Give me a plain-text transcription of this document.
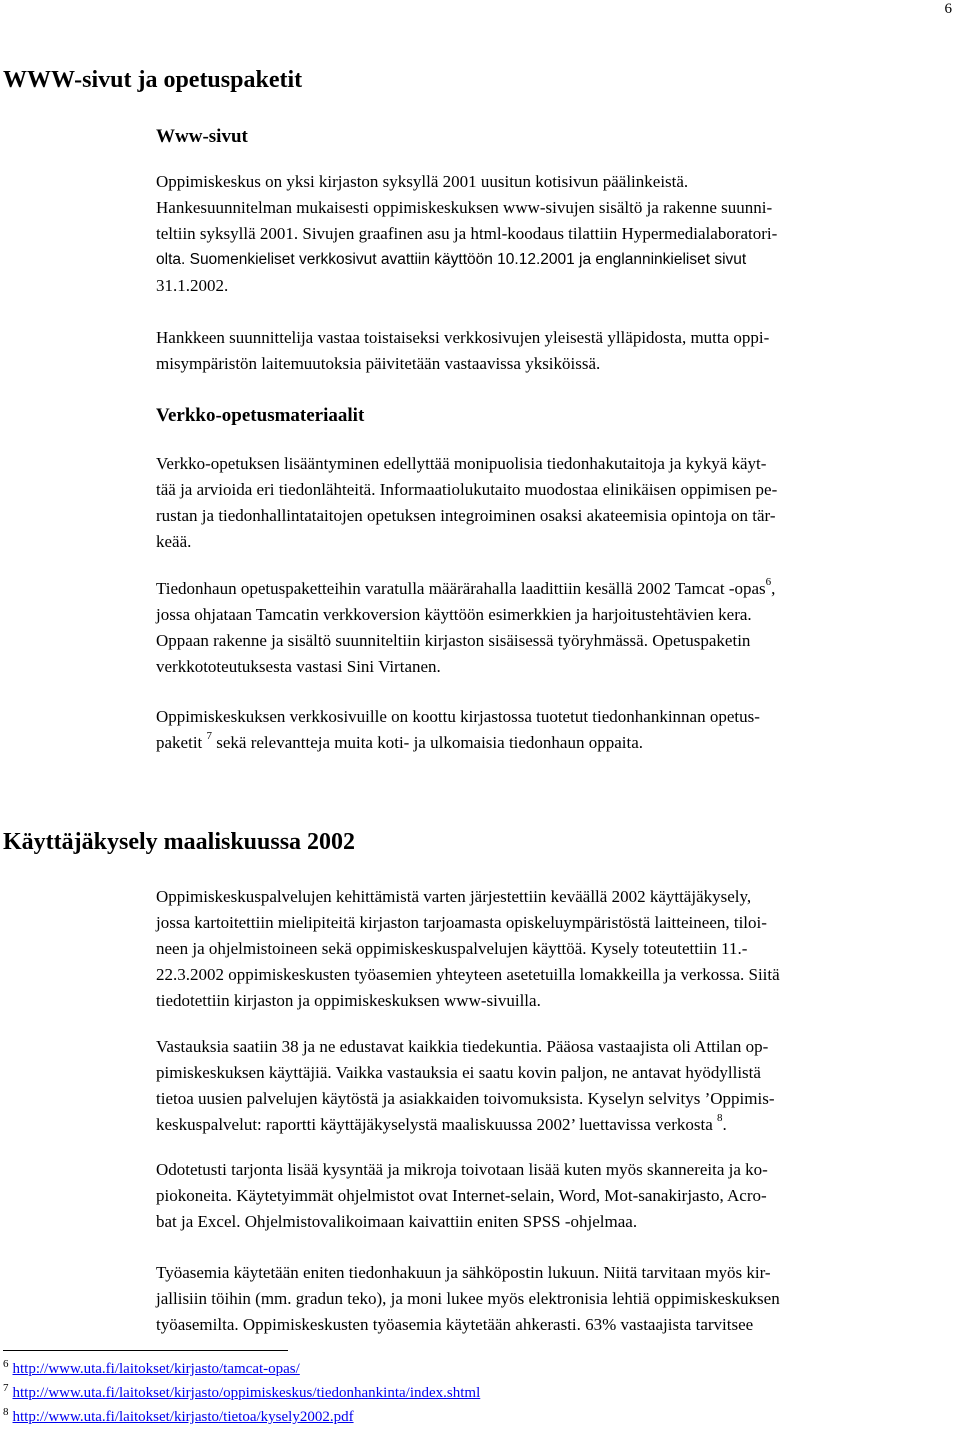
6
WWW-sivut ja opetuspaketit
Www-sivut
Oppimiskeskus on yksi kirjaston syksyllä 2001 uusitun kotisivun päälinkeistä.
Hankesuunnitelman mukaisesti oppimiskeskuksen www-sivujen sisältö ja rakenne suunni-
teltiin syksyllä 2001. Sivujen graafinen asu ja html-koodaus tilattiin Hypermedialaboratori-
olta. Suomenkieliset verkkosivut avattiin käyttöön 10.12.2001 ja englanninkieliset sivut
31.1.2002.
Hankkeen suunnittelija vastaa toistaiseksi verkkosivujen yleisestä ylläpidosta, mutta oppi-
misympäristön laitemuutoksia päivitetään vastaavissa yksiköissä.
Verkko-opetusmateriaalit
Verkko-opetuksen lisääntyminen edellyttää monipuolisia tiedonhakutaitoja ja kykyä käyt-
tää ja arvioida eri tiedonlähteitä. Informaatiolukutaito muodostaa elinikäisen oppimisen pe-
rustan ja tiedonhallintataitojen opetuksen integroiminen osaksi akateemisia opintoja on tär-
keää.
Tiedonhaun opetuspaketteihin varatulla määrärahalla laadittiin kesällä 2002 Tamcat -opas$^6$,
jossa ohjataan Tamcatin verkkoversion käyttöön esimerkkien ja harjoitustehtävien kera.
Oppaan rakenne ja sisältö suunniteltiin kirjaston sisäisessä työryhmässä. Opetuspaketin
verkkototeutuksesta vastasi Sini Virtanen.
Oppimiskeskuksen verkkosivuille on koottu kirjastossa tuotetut tiedonhankinnan opetus-
paketit $^7$ sekä relevantteja muita koti- ja ulkomaisia tiedonhaun oppaita.
Käyttäjäkysely maaliskuussa 2002
Oppimiskeskuspalvelujen kehittämistä varten järjestettiin keväällä 2002 käyttäjäkysely,
jossa kartoitettiin mielipiteitä kirjaston tarjoamasta opiskeluympäristöstä laitteineen, tiloi-
neen ja ohjelmistoineen sekä oppimiskeskuspalvelujen käyttöä. Kysely toteutettiin 11.-
22.3.2002 oppimiskeskusten työasemien yhteyteen asetetuilla lomakkeilla ja verkossa. Siitä
tiedotettiin kirjaston ja oppimiskeskuksen www-sivuilla.
Vastauksia saatiin 38 ja ne edustavat kaikkia tiedekuntia. Pääosa vastaajista oli Attilan op-
pimiskeskuksen käyttäjiä. Vaikka vastauksia ei saatu kovin paljon, ne antavat hyödyllistä
tietoa uusien palvelujen käytöstä ja asiakkaiden toivomuksista. Kyselyn selvitys ’Oppimis-
keskuspalvelut: raportti käyttäjäkyselystä maaliskuussa 2002’ luettavissa verkosta $^8$.
Odotetusti tarjonta lisää kysyntää ja mikroja toivotaan lisää kuten myös skannereita ja ko-
piokoneita. Käytetyimmät ohjelmistot ovat Internet-selain, Word, Mot-sanakirjasto, Acro-
bat ja Excel. Ohjelmistovalikoimaan kaivattiin eniten SPSS -ohjelmaa.
Työasemia käytetään eniten tiedonhakuun ja sähköpostin lukuun. Niitä tarvitaan myös kir-
jallisiin töihin (mm. gradun teko), ja moni lukee myös elektronisia lehtiä oppimiskeskuksen
työasemilta. Oppimiskeskusten työasemia käytetään ahkerasti. 63% vastaajista tarvitsee
$^6$ http://www.uta.fi/laitokset/kirjasto/tamcat-opas/
$^7$ http://www.uta.fi/laitokset/kirjasto/oppimiskeskus/tiedonhankinta/index.shtml
$^8$ http://www.uta.fi/laitokset/kirjasto/tietoa/kysely2002.pdf
